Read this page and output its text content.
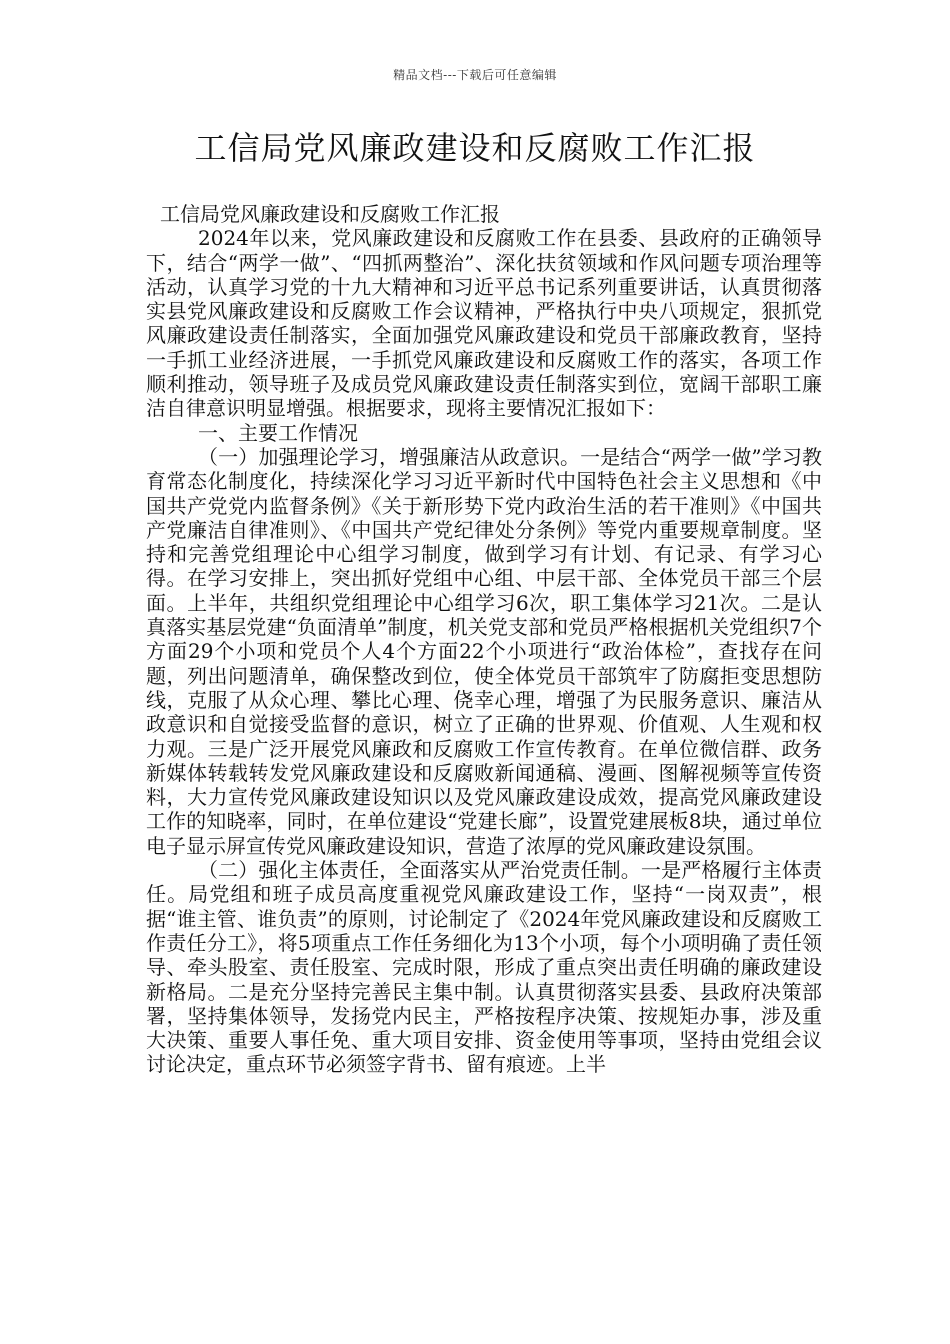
精品文档---下载后可任意编辑
工信局党风廉政建设和反腐败工作汇报

工信局党风廉政建设和反腐败工作汇报

2024年以来，党风廉政建设和反腐败工作在县委、县政府的正确领导下，结合“两学一做”、“四抓两整治”、深化扶贫领域和作风问题专项治理等活动，认真学习党的十九大精神和习近平总书记系列重要讲话，认真贯彻落实县党风廉政建设和反腐败工作会议精神，严格执行中央八项规定，狠抓党风廉政建设责任制落实，全面加强党风廉政建设和党员干部廉政教育，坚持一手抓工业经济进展，一手抓党风廉政建设和反腐败工作的落实，各项工作顺利推动，领导班子及成员党风廉政建设责任制落实到位，宽阔干部职工廉洁自律意识明显增强。根据要求，现将主要情况汇报如下：

一、主要工作情况

（一）加强理论学习，增强廉洁从政意识。一是结合“两学一做”学习教育常态化制度化，持续深化学习习近平新时代中国特色社会主义思想和《中国共产党党内监督条例》《关于新形势下党内政治生活的若干准则》《中国共产党廉洁自律准则》、《中国共产党纪律处分条例》等党内重要规章制度。坚持和完善党组理论中心组学习制度，做到学习有计划、有记录、有学习心得。在学习安排上，突出抓好党组中心组、中层干部、全体党员干部三个层面。上半年，共组织党组理论中心组学习6次，职工集体学习21次。二是认真落实基层党建“负面清单”制度，机关党支部和党员严格根据机关党组织7个方面29个小项和党员个人4个方面22个小项进行“政治体检”，查找存在问题，列出问题清单，确保整改到位，使全体党员干部筑牢了防腐拒变思想防线，克服了从众心理、攀比心理、侥幸心理，增强了为民服务意识、廉洁从政意识和自觉接受监督的意识，树立了正确的世界观、价值观、人生观和权力观。三是广泛开展党风廉政和反腐败工作宣传教育。在单位微信群、政务新媒体转载转发党风廉政建设和反腐败新闻通稿、漫画、图解视频等宣传资料，大力宣传党风廉政建设知识以及党风廉政建设成效，提高党风廉政建设工作的知晓率，同时，在单位建设“党建长廊”，设置党建展板8块，通过单位电子显示屏宣传党风廉政建设知识，营造了浓厚的党风廉政建设氛围。

（二）强化主体责任，全面落实从严治党责任制。一是严格履行主体责任。局党组和班子成员高度重视党风廉政建设工作，坚持“一岗双责”，根据“谁主管、谁负责”的原则，讨论制定了《2024年党风廉政建设和反腐败工作责任分工》，将5项重点工作任务细化为13个小项，每个小项明确了责任领导、牵头股室、责任股室、完成时限，形成了重点突出责任明确的廉政建设新格局。二是充分坚持完善民主集中制。认真贯彻落实县委、县政府决策部署，坚持集体领导，发扬党内民主，严格按程序决策、按规矩办事，涉及重大决策、重要人事任免、重大项目安排、资金使用等事项，坚持由党组会议讨论决定，重点环节必须签字背书、留有痕迹。上半
